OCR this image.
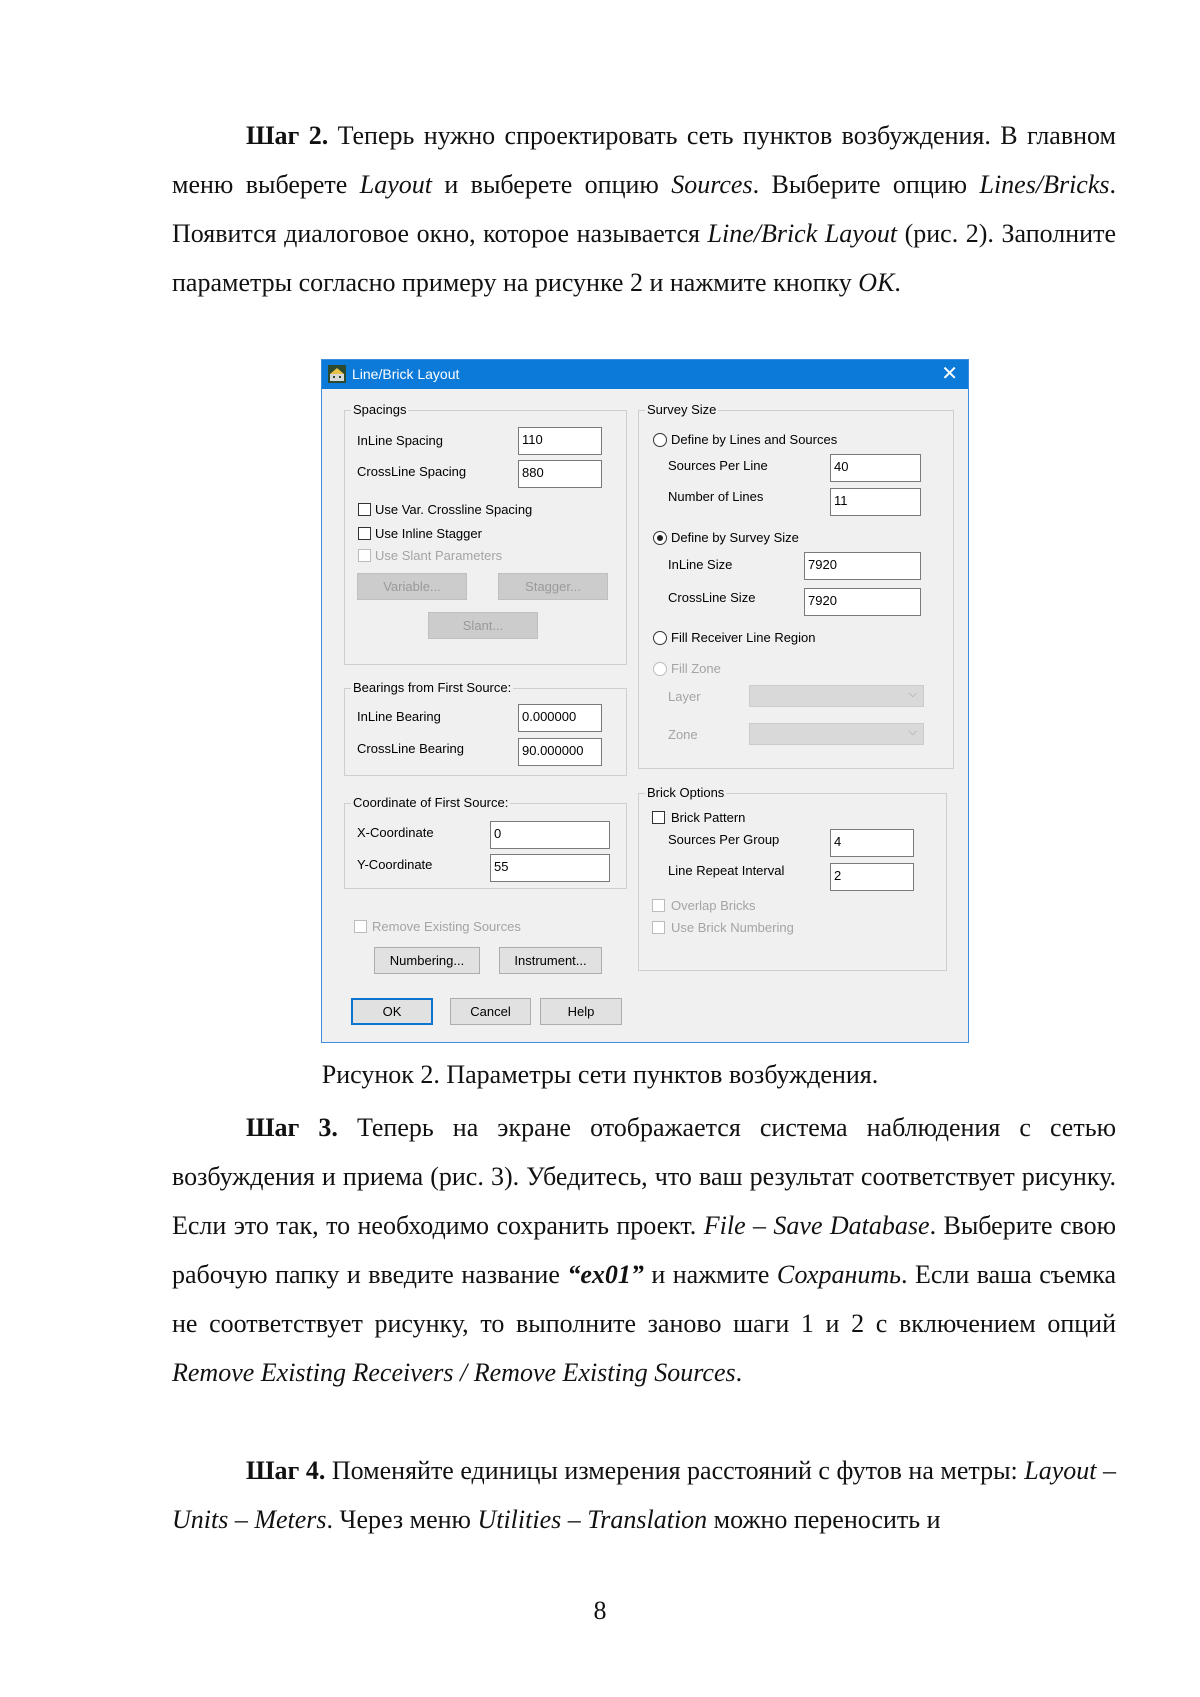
Шаг 2. Теперь нужно спроектировать сеть пунктов возбуждения. В главном меню выберете Layout и выберете опцию Sources. Выберите опцию Lines/Bricks. Появится диалоговое окно, которое называется Line/Brick Layout (рис. 2). Заполните параметры согласно примеру на рисунке 2 и нажмите кнопку OK.

Line/Brick Layout	✕
Spacings
InLine Spacing	110
CrossLine Spacing	880
Use Var. Crossline Spacing
Use Inline Stagger
Use Slant Parameters
Variable...	Stagger...
Slant...
Bearings from First Source:
InLine Bearing	0.000000
CrossLine Bearing	90.000000
Coordinate of First Source:
X-Coordinate	0
Y-Coordinate	55
Remove Existing Sources
Numbering...	Instrument...
OK	Cancel	Help
Survey Size
Define by Lines and Sources
Sources Per Line	40
Number of Lines	11
Define by Survey Size
InLine Size	7920
CrossLine Size	7920
Fill Receiver Line Region
Fill Zone
Layer	⌵
Zone	⌵
Brick Options
Brick Pattern
Sources Per Group	4
Line Repeat Interval	2
Overlap Bricks
Use Brick Numbering
Рисунок 2. Параметры сети пунктов возбуждения.

Шаг 3. Теперь на экране отображается система наблюдения с сетью возбуждения и приема (рис. 3). Убедитесь, что ваш результат соответствует рисунку. Если это так, то необходимо сохранить проект. File – Save Database. Выберите свою рабочую папку и введите название “ex01” и нажмите Сохранить. Если ваша съемка не соответствует рисунку, то выполните заново шаги 1 и 2 с включением опций Remove Existing Receivers / Remove Existing Sources.

Шаг 4. Поменяйте единицы измерения расстояний с футов на метры: Layout – Units – Meters. Через меню Utilities – Translation можно переносить и

8
